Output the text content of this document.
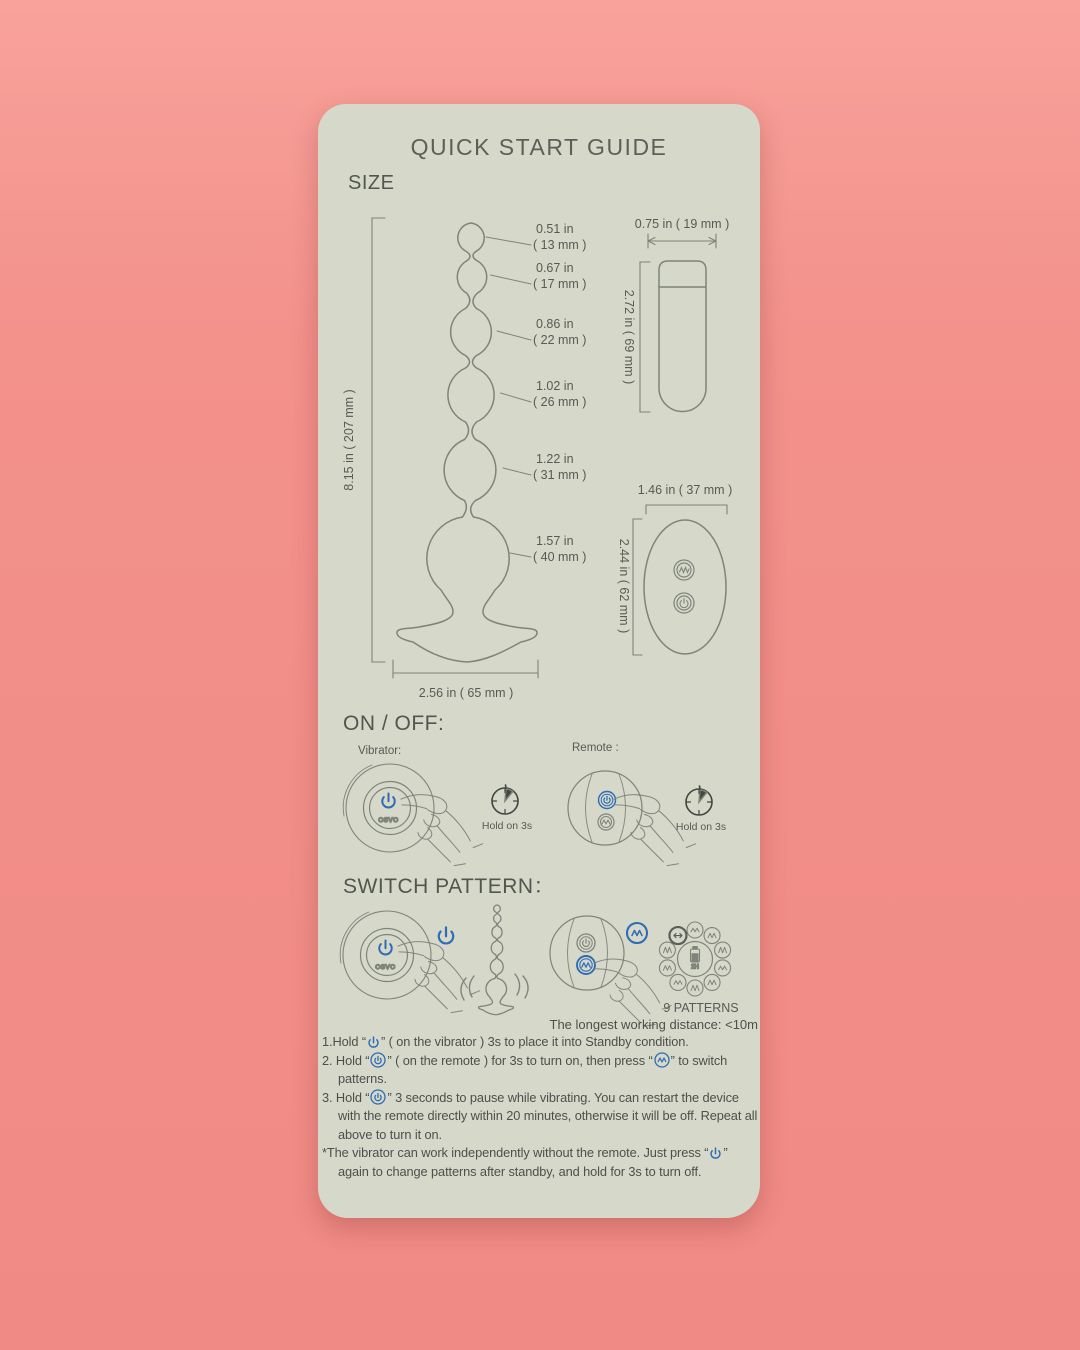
OSVO
OSVO	2H
0.51 in
( 13 mm )
0.67 in
( 17 mm )
0.86 in
( 22 mm )
1.02 in
( 26 mm )
1.22 in
( 31 mm )
1.57 in
( 40 mm )
8.15 in ( 207 mm )
2.56 in ( 65 mm )
0.75 in ( 19 mm )
2.72 in ( 69 mm )
1.46 in ( 37 mm )
2.44 in ( 62 mm )
Hold on 3s	Hold on 3s
9 PATTERNS
QUICK START GUIDE
SIZE
ON / OFF:
Vibrator:	Remote :
SWITCH PATTERN：
The longest working distance: <10m
1.Hold “ ” ( on the vibrator ) 3s to place it into Standby condition.
2. Hold “ ” ( on the remote ) for 3s to turn on, then press “ ” to switch
patterns.
3. Hold “ ” 3 seconds to pause while vibrating. You can restart the device
with the remote directly within 20 minutes, otherwise it will be off. Repeat all
above to turn it on.
*The vibrator can work independently without the remote. Just press “ ”
again to change patterns after standby, and hold for 3s to turn off.
